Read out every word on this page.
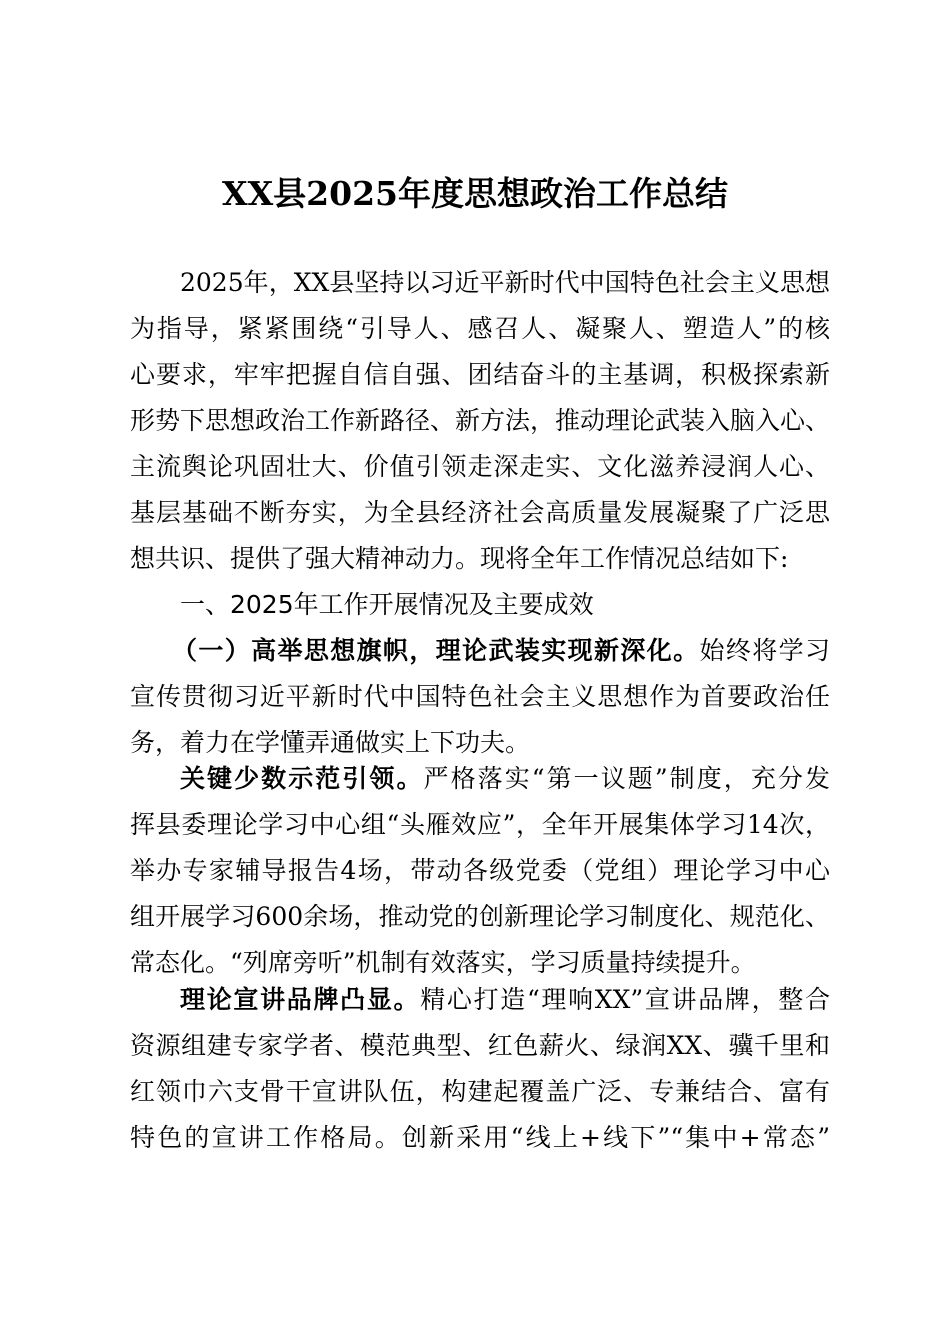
XX县2025年度思想政治工作总结
2025年，XX县坚持以习近平新时代中国特色社会主义思想
为指导，紧紧围绕“引导人、感召人、凝聚人、塑造人”的核
心要求，牢牢把握自信自强、团结奋斗的主基调，积极探索新
形势下思想政治工作新路径、新方法，推动理论武装入脑入心、
主流舆论巩固壮大、价值引领走深走实、文化滋养浸润人心、
基层基础不断夯实，为全县经济社会高质量发展凝聚了广泛思
想共识、提供了强大精神动力。现将全年工作情况总结如下:
一、2025年工作开展情况及主要成效
（一）高举思想旗帜，理论武装实现新深化。始终将学习
宣传贯彻习近平新时代中国特色社会主义思想作为首要政治任
务，着力在学懂弄通做实上下功夫。
关键少数示范引领。严格落实“第一议题”制度，充分发
挥县委理论学习中心组“头雁效应”，全年开展集体学习14次，
举办专家辅导报告4场，带动各级党委（党组）理论学习中心
组开展学习600余场，推动党的创新理论学习制度化、规范化、
常态化。“列席旁听”机制有效落实，学习质量持续提升。
理论宣讲品牌凸显。精心打造“理响XX”宣讲品牌，整合
资源组建专家学者、模范典型、红色薪火、绿润XX、骥千里和
红领巾六支骨干宣讲队伍，构建起覆盖广泛、专兼结合、富有
特色的宣讲工作格局。创新采用“线上+线下”“集中+常态”
